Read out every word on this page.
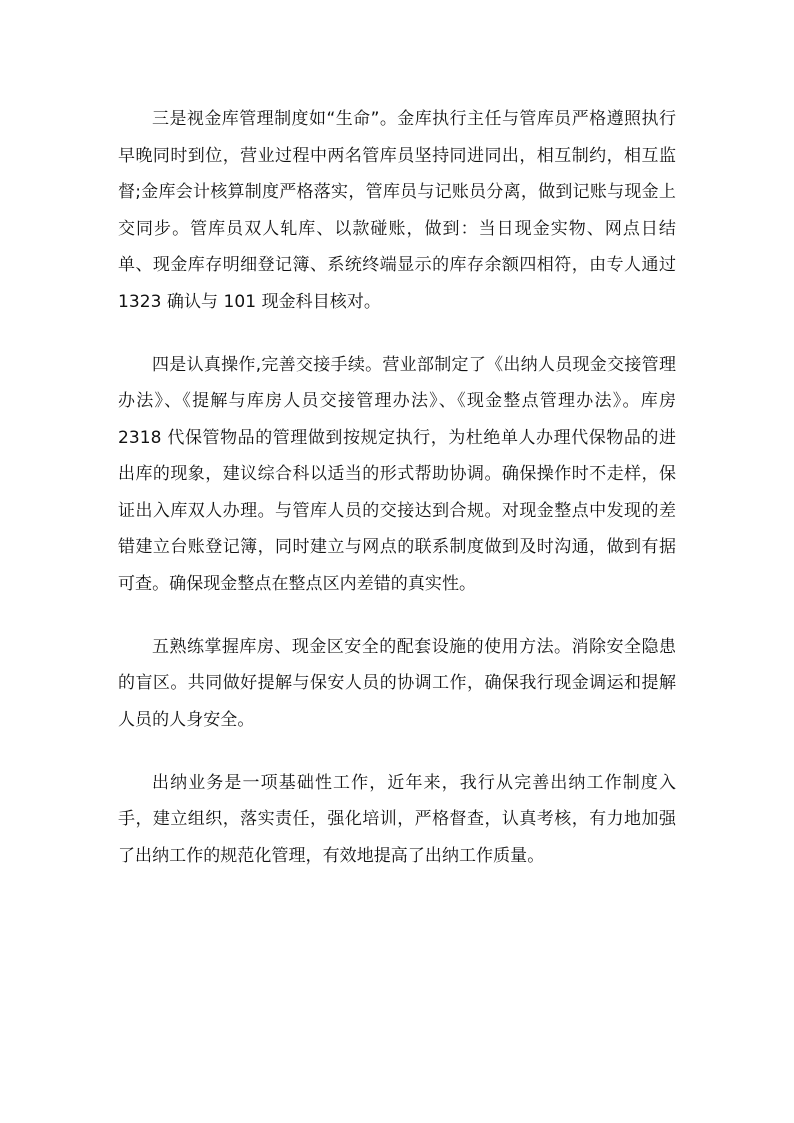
三是视金库管理制度如“生命”。金库执行主任与管库员严格遵照执行早晚同时到位，营业过程中两名管库员坚持同进同出，相互制约，相互监督;金库会计核算制度严格落实，管库员与记账员分离，做到记账与现金上交同步。管库员双人轧库、以款碰账，做到：当日现金实物、网点日结单、现金库存明细登记簿、系统终端显示的库存余额四相符，由专人通过 1323 确认与 101 现金科目核对。

四是认真操作,完善交接手续。营业部制定了《出纳人员现金交接管理办法》、《提解与库房人员交接管理办法》、《现金整点管理办法》。库房 2318 代保管物品的管理做到按规定执行，为杜绝单人办理代保物品的进出库的现象，建议综合科以适当的形式帮助协调。确保操作时不走样，保证出入库双人办理。与管库人员的交接达到合规。对现金整点中发现的差错建立台账登记簿，同时建立与网点的联系制度做到及时沟通，做到有据可查。确保现金整点在整点区内差错的真实性。

五熟练掌握库房、现金区安全的配套设施的使用方法。消除安全隐患的盲区。共同做好提解与保安人员的协调工作，确保我行现金调运和提解人员的人身安全。

出纳业务是一项基础性工作，近年来，我行从完善出纳工作制度入手，建立组织，落实责任，强化培训，严格督查，认真考核，有力地加强了出纳工作的规范化管理，有效地提高了出纳工作质量。
